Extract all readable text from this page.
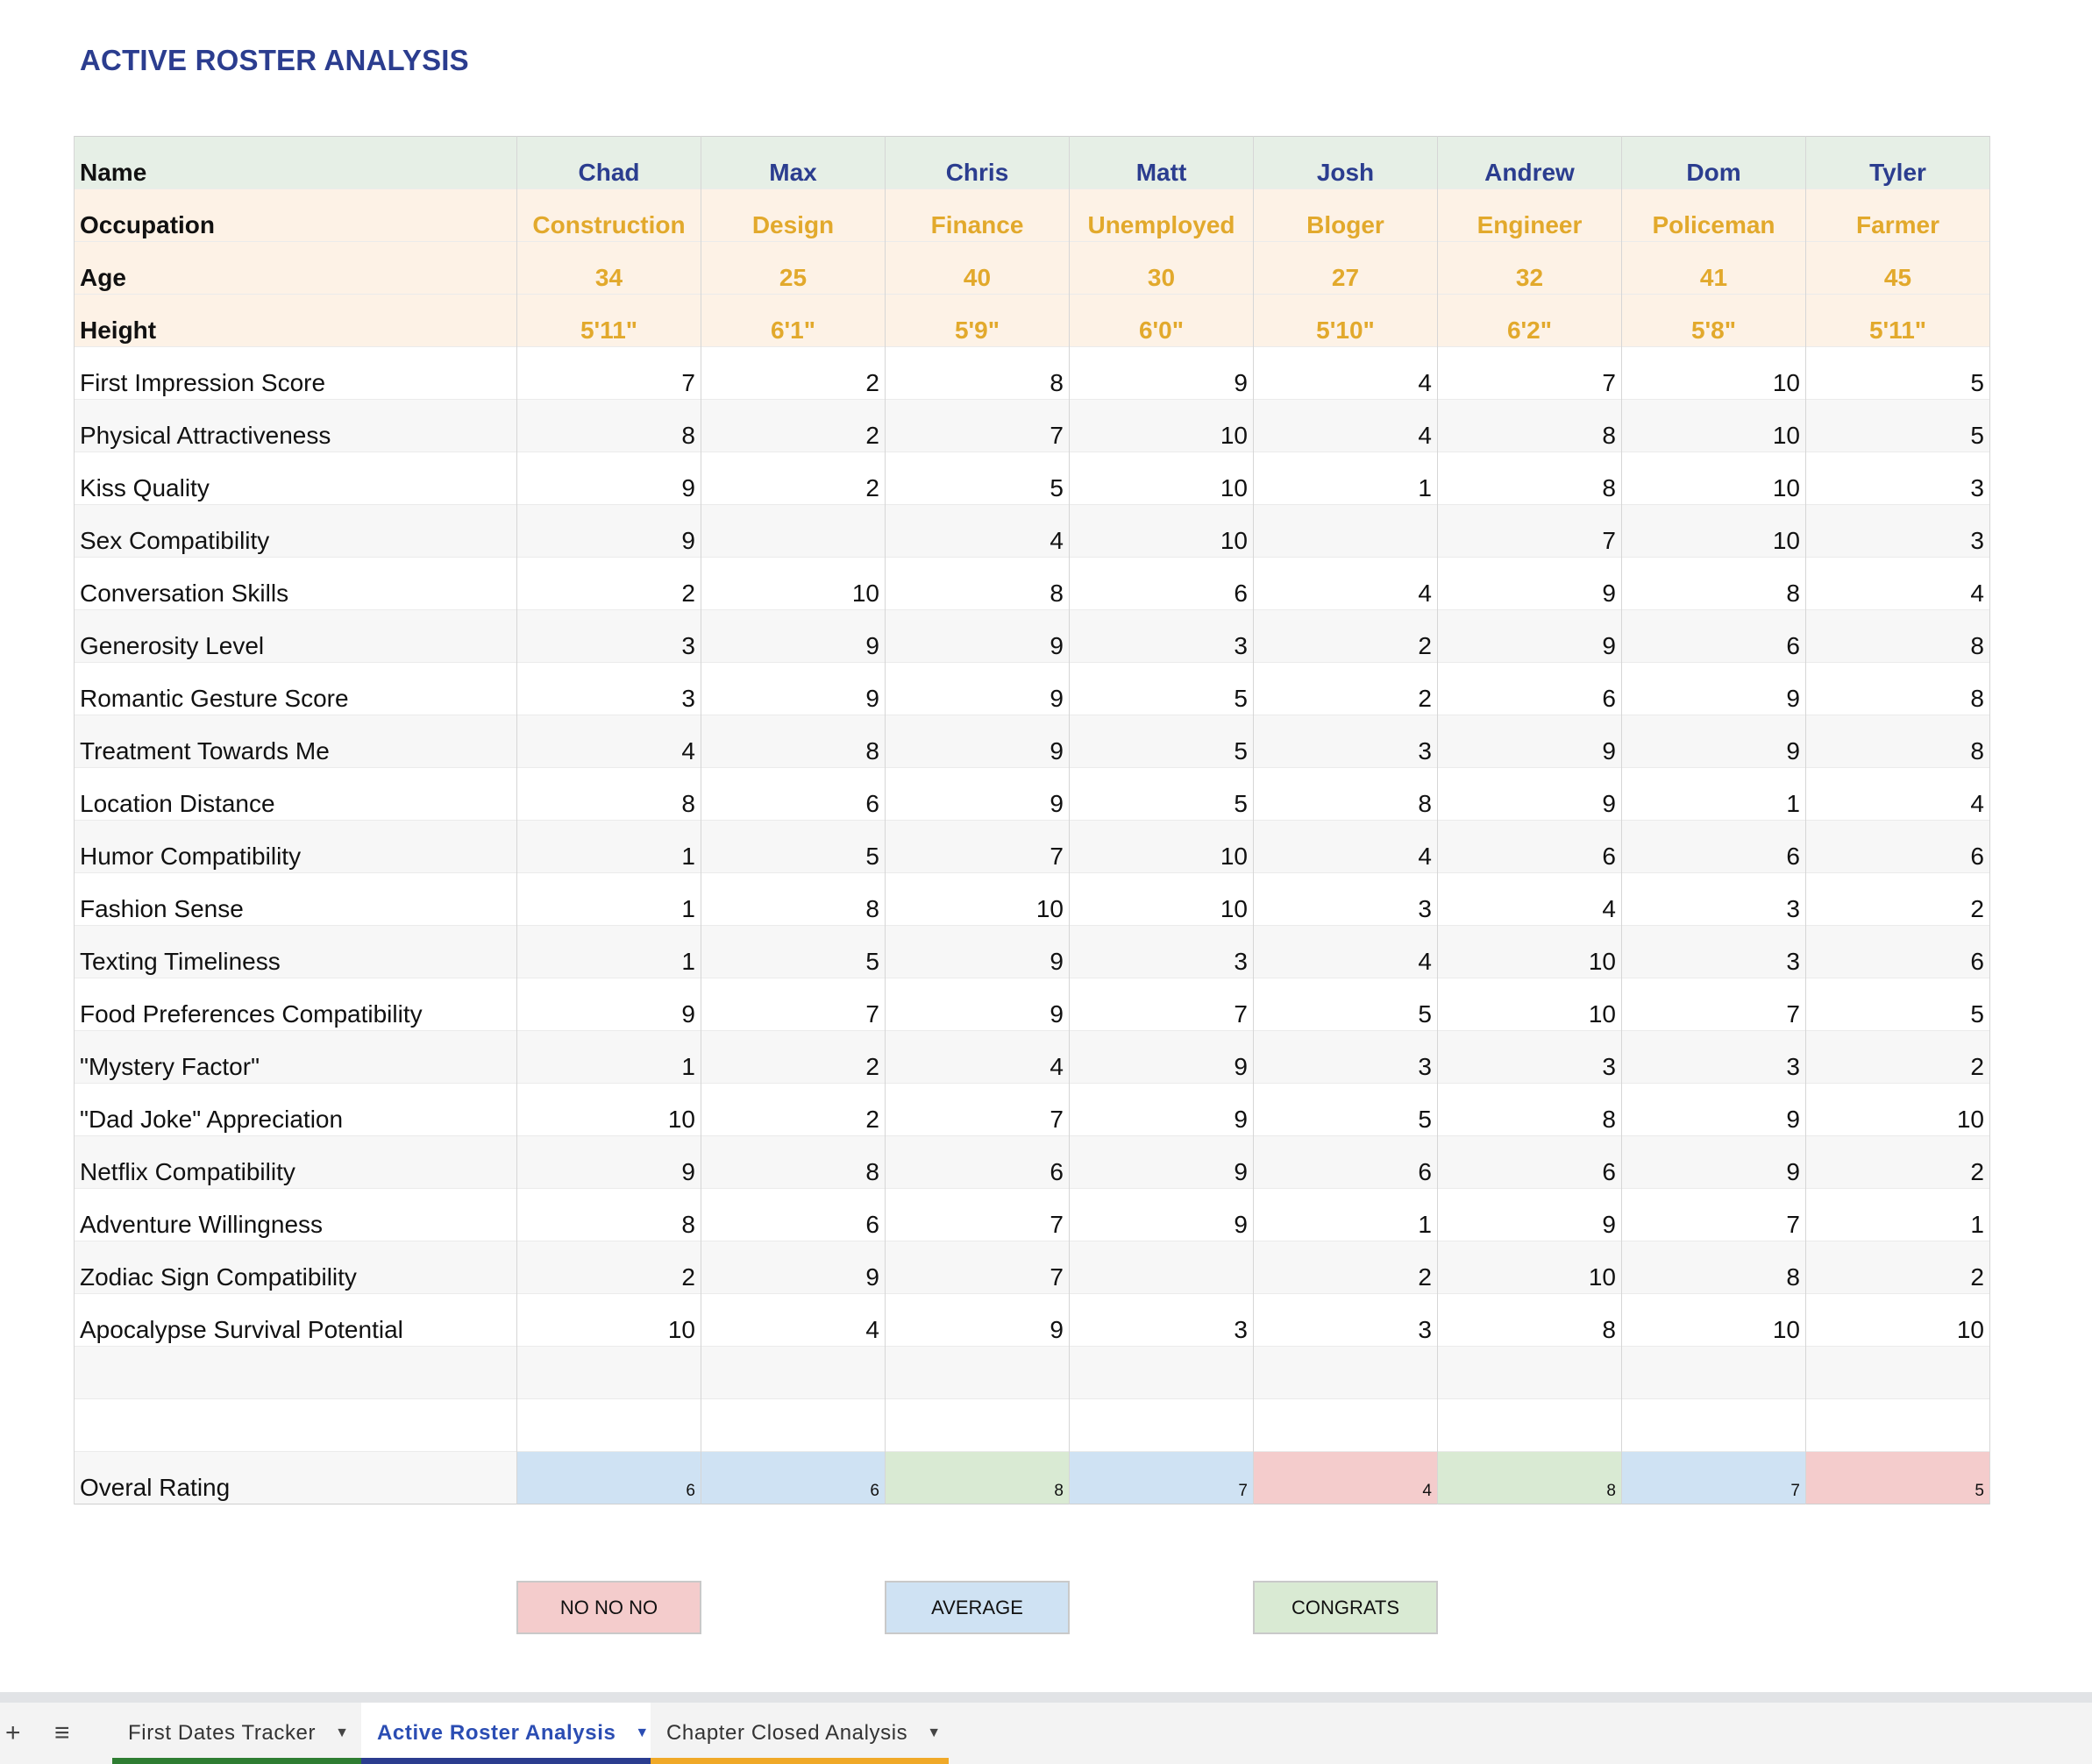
ACTIVE ROSTER ANALYSIS
Name	Chad	Max	Chris	Matt	Josh	Andrew	Dom	Tyler
Occupation	Construction	Design	Finance	Unemployed	Bloger	Engineer	Policeman	Farmer
Age	34	25	40	30	27	32	41	45
Height	5'11"	6'1"	5'9"	6'0"	5'10"	6'2"	5'8"	5'11"
First Impression Score	7	2	8	9	4	7	10	5
Physical Attractiveness	8	2	7	10	4	8	10	5
Kiss Quality	9	2	5	10	1	8	10	3
Sex Compatibility	9		4	10		7	10	3
Conversation Skills	2	10	8	6	4	9	8	4
Generosity Level	3	9	9	3	2	9	6	8
Romantic Gesture Score	3	9	9	5	2	6	9	8
Treatment Towards Me	4	8	9	5	3	9	9	8
Location Distance	8	6	9	5	8	9	1	4
Humor Compatibility	1	5	7	10	4	6	6	6
Fashion Sense	1	8	10	10	3	4	3	2
Texting Timeliness	1	5	9	3	4	10	3	6
Food Preferences Compatibility	9	7	9	7	5	10	7	5
"Mystery Factor"	1	2	4	9	3	3	3	2
"Dad Joke" Appreciation	10	2	7	9	5	8	9	10
Netflix Compatibility	9	8	6	9	6	6	9	2
Adventure Willingness	8	6	7	9	1	9	7	1
Zodiac Sign Compatibility	2	9	7		2	10	8	2
Apocalypse Survival Potential	10	4	9	3	3	8	10	10

Overal Rating	6	6	8	7	4	8	7	5
NO NO NO	AVERAGE	CONGRATS
+ ≡	First Dates Tracker ▼ Active Roster Analysis ▼ Chapter Closed Analysis ▼
